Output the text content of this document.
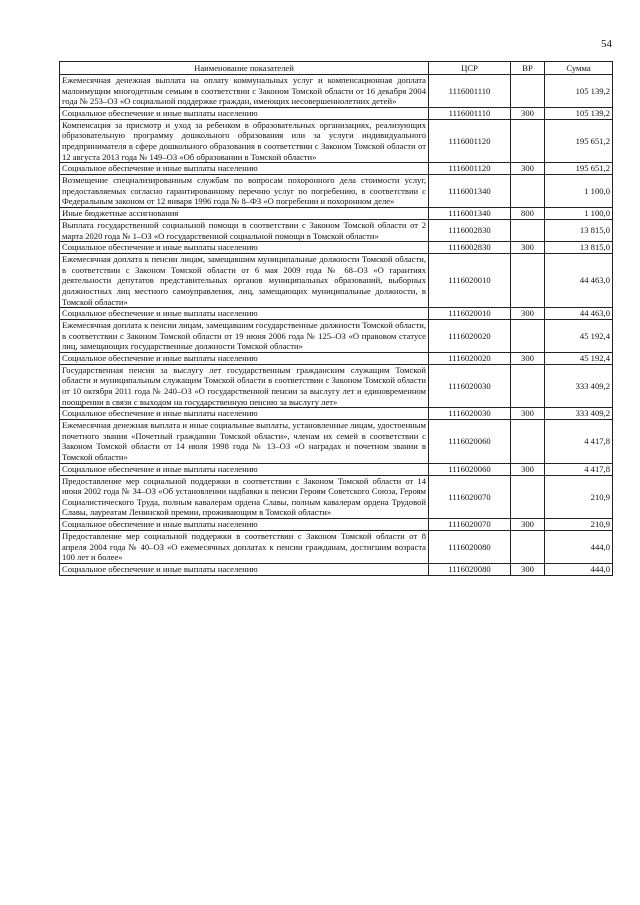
54
Наименование показателей	ЦСР	ВР	Сумма
Ежемесячная денежная выплата на оплату коммунальных услуг и компенсационная доплата малоимущим многодетным семьям в соответствии с Законом Томской области от 16 декабря 2004 года № 253–ОЗ «О социальной поддержке граждан, имеющих несовершеннолетних детей»	1116001110		105 139,2
Социальное обеспечение и иные выплаты населению	1116001110	300	105 139,2
Компенсация за присмотр и уход за ребенком в образовательных организациях, реализующих образовательную программу дошкольного образования или за услуги индивидуального предпринимателя в сфере дошкольного образования в соответствии с Законом Томской области от 12 августа 2013 года № 149–ОЗ «Об образовании в Томской области»	1116001120		195 651,2
Социальное обеспечение и иные выплаты населению	1116001120	300	195 651,2
Возмещение специализированным службам по вопросам похоронного дела стоимости услуг, предоставляемых согласно гарантированному перечню услуг по погребению, в соответствии с Федеральным законом от 12 января 1996 года № 8–ФЗ «О погребении и похоронном деле»	1116001340		1 100,0
Иные бюджетные ассигнования	1116001340	800	1 100,0
Выплата государственной социальной помощи в соответствии с Законом Томской области от 2 марта 2020 года № 1–ОЗ «О государственной социальной помощи в Томской области»	1116002830		13 815,0
Социальное обеспечение и иные выплаты населению	1116002830	300	13 815,0
Ежемесячная доплата к пенсии лицам, замещавшим муниципальные должности Томской области, в соответствии с Законом Томской области от 6 мая 2009 года № 68–ОЗ «О гарантиях деятельности депутатов представительных органов муниципальных образований, выборных должностных лиц местного самоуправления, лиц, замещающих муниципальные должности, в Томской области»	1116020010		44 463,0
Социальное обеспечение и иные выплаты населению	1116020010	300	44 463,0
Ежемесячная доплата к пенсии лицам, замещавшим государственные должности Томской области, в соответствии с Законом Томской области от 19 июня 2006 года № 125–ОЗ «О правовом статусе лиц, замещающих государственные должности Томской области»	1116020020		45 192,4
Социальное обеспечение и иные выплаты населению	1116020020	300	45 192,4
Государственная пенсия за выслугу лет государственным гражданским служащим Томской области и муниципальным служащим Томской области в соответствии с Законом Томской области от 10 октября 2011 года № 240–ОЗ «О государственной пенсии за выслугу лет и единовременном поощрении в связи с выходом на государственную пенсию за выслугу лет»	1116020030		333 409,2
Социальное обеспечение и иные выплаты населению	1116020030	300	333 409,2
Ежемесячная денежная выплата и иные социальные выплаты, установленные лицам, удостоенным почетного звания «Почетный гражданин Томской области», членам их семей в соответствии с Законом Томской области от 14 июля 1998 года № 13–ОЗ «О наградах и почетном звании в Томской области»	1116020060		4 417,8
Социальное обеспечение и иные выплаты населению	1116020060	300	4 417,8
Предоставление мер социальной поддержки в соответствии с Законом Томской области от 14 июня 2002 года № 34–ОЗ «Об установлении надбавки к пенсии Героям Советского Союза, Героям Социалистического Труда, полным кавалерам ордена Славы, полным кавалерам ордена Трудовой Славы, лауреатам Ленинской премии, проживающим в Томской области»	1116020070		210,9
Социальное обеспечение и иные выплаты населению	1116020070	300	210,9
Предоставление мер социальной поддержки в соответствии с Законом Томской области от 8 апреля 2004 года № 40–ОЗ «О ежемесячных доплатах к пенсии гражданам, достигшим возраста 100 лет и более»	1116020080		444,0
Социальное обеспечение и иные выплаты населению	1116020080	300	444,0
